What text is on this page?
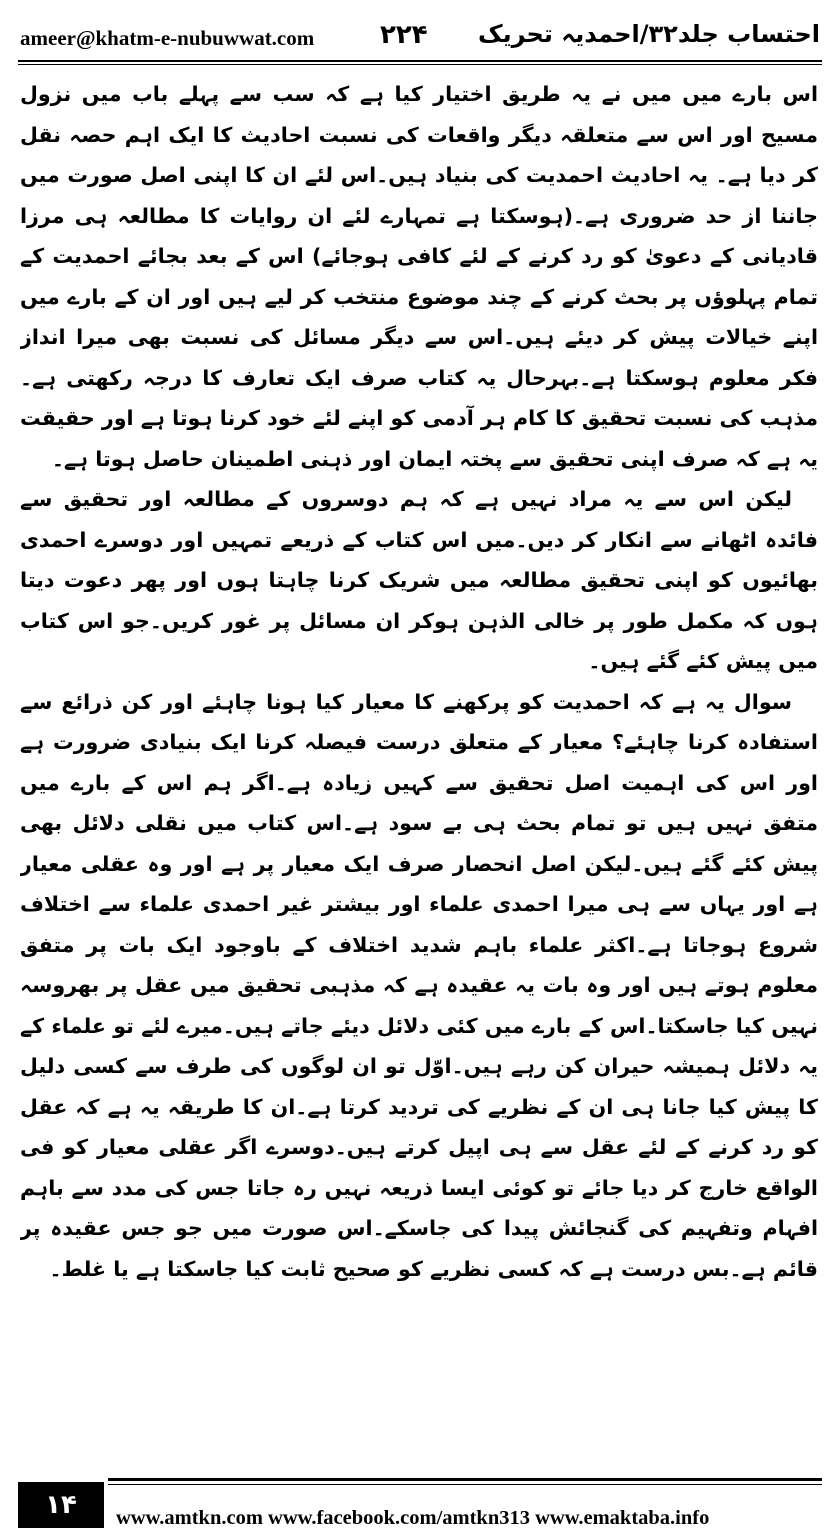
ameer@khatm-e-nubuwwat.com	۲۲۴ احتساب جلد۳۲/احمدیہ تحریک

اس بارے میں میں نے یہ طریق اختیار کیا ہے کہ سب سے پہلے باب میں نزول مسیح اور اس سے متعلقہ دیگر واقعات کی نسبت احادیث کا ایک اہم حصہ نقل کر دیا ہے۔ یہ احادیث احمدیت کی بنیاد ہیں۔اس لئے ان کا اپنی اصل صورت میں جاننا از حد ضروری ہے۔(ہوسکتا ہے تمہارے لئے ان روایات کا مطالعہ ہی مرزا قادیانی کے دعویٰ کو رد کرنے کے لئے کافی ہوجائے) اس کے بعد بجائے احمدیت کے تمام پہلوؤں پر بحث کرنے کے چند موضوع منتخب کر لیے ہیں اور ان کے بارے میں اپنے خیالات پیش کر دیئے ہیں۔اس سے دیگر مسائل کی نسبت بھی میرا انداز فکر معلوم ہوسکتا ہے۔بہرحال یہ کتاب صرف ایک تعارف کا درجہ رکھتی ہے۔مذہب کی نسبت تحقیق کا کام ہر آدمی کو اپنے لئے خود کرنا ہوتا ہے اور حقیقت یہ ہے کہ صرف اپنی تحقیق سے پختہ ایمان اور ذہنی اطمینان حاصل ہوتا ہے۔

لیکن اس سے یہ مراد نہیں ہے کہ ہم دوسروں کے مطالعہ اور تحقیق سے فائدہ اٹھانے سے انکار کر دیں۔میں اس کتاب کے ذریعے تمہیں اور دوسرے احمدی بھائیوں کو اپنی تحقیق مطالعہ میں شریک کرنا چاہتا ہوں اور پھر دعوت دیتا ہوں کہ مکمل طور پر خالی الذہن ہوکر ان مسائل پر غور کریں۔جو اس کتاب میں پیش کئے گئے ہیں۔

سوال یہ ہے کہ احمدیت کو پرکھنے کا معیار کیا ہونا چاہئے اور کن ذرائع سے استفادہ کرنا چاہئے؟ معیار کے متعلق درست فیصلہ کرنا ایک بنیادی ضرورت ہے اور اس کی اہمیت اصل تحقیق سے کہیں زیادہ ہے۔اگر ہم اس کے بارے میں متفق نہیں ہیں تو تمام بحث ہی بے سود ہے۔اس کتاب میں نقلی دلائل بھی پیش کئے گئے ہیں۔لیکن اصل انحصار صرف ایک معیار پر ہے اور وہ عقلی معیار ہے اور یہاں سے ہی میرا احمدی علماء اور بیشتر غیر احمدی علماء سے اختلاف شروع ہوجاتا ہے۔اکثر علماء باہم شدید اختلاف کے باوجود ایک بات پر متفق معلوم ہوتے ہیں اور وہ بات یہ عقیدہ ہے کہ مذہبی تحقیق میں عقل پر بھروسہ نہیں کیا جاسکتا۔اس کے بارے میں کئی دلائل دیئے جاتے ہیں۔میرے لئے تو علماء کے یہ دلائل ہمیشہ حیران کن رہے ہیں۔اوّل تو ان لوگوں کی طرف سے کسی دلیل کا پیش کیا جانا ہی ان کے نظریے کی تردید کرتا ہے۔ان کا طریقہ یہ ہے کہ عقل کو رد کرنے کے لئے عقل سے ہی اپیل کرتے ہیں۔دوسرے اگر عقلی معیار کو فی الواقع خارج کر دیا جائے تو کوئی ایسا ذریعہ نہیں رہ جاتا جس کی مدد سے باہم افہام وتفہیم کی گنجائش پیدا کی جاسکے۔اس صورت میں جو جس عقیدہ پر قائم ہے۔بس درست ہے کہ کسی نظریے کو صحیح ثابت کیا جاسکتا ہے یا غلط۔

۱۴	www.amtkn.com www.facebook.com/amtkn313 www.emaktaba.info
